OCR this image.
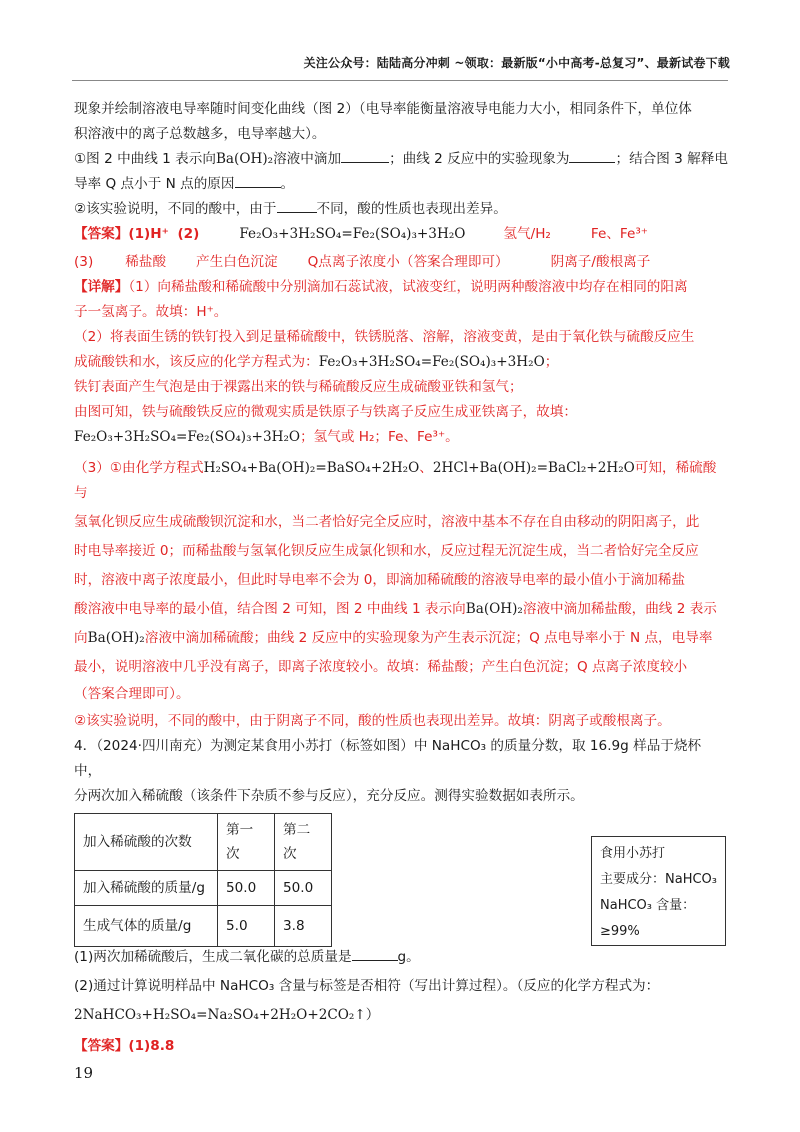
关注公众号：陆陆高分冲刺 ~领取：最新版“小中高考-总复习”、最新试卷下载

现象并绘制溶液电导率随时间变化曲线（图 2）（电导率能衡量溶液导电能力大小，相同条件下，单位体

积溶液中的离子总数越多，电导率越大）。

①图 2 中曲线 1 表示向Ba(OH)₂溶液中滴加	；曲线 2 反应中的实验现象为	；结合图 3 解释电

导率 Q 点小于 N 点的原因	。

②该实验说明，不同的酸中，由于	不同，酸的性质也表现出差异。

【答案】(1)H⁺ (2)	Fe₂O₃+3H₂SO₄=Fe₂(SO₄)₃+3H₂O	氢气/H₂	Fe、Fe³⁺

(3) 稀盐酸 产生白色沉淀 Q点离子浓度小（答案合理即可）	阴离子/酸根离子

【详解】（1）向稀盐酸和稀硫酸中分别滴加石蕊试液，试液变红，说明两种酸溶液中均存在相同的阳离

子一氢离子。故填：H⁺。

（2）将表面生锈的铁钉投入到足量稀硫酸中，铁锈脱落、溶解，溶液变黄，是由于氧化铁与硫酸反应生

成硫酸铁和水，该反应的化学方程式为：Fe₂O₃+3H₂SO₄=Fe₂(SO₄)₃+3H₂O；

铁钉表面产生气泡是由于裸露出来的铁与稀硫酸反应生成硫酸亚铁和氢气；

由图可知，铁与硫酸铁反应的微观实质是铁原子与铁离子反应生成亚铁离子，故填：

Fe₂O₃+3H₂SO₄=Fe₂(SO₄)₃+3H₂O；氢气或 H₂；Fe、Fe³⁺。

（3）①由化学方程式H₂SO₄+Ba(OH)₂=BaSO₄+2H₂O、2HCl+Ba(OH)₂=BaCl₂+2H₂O可知，稀硫酸与

氢氧化钡反应生成硫酸钡沉淀和水，当二者恰好完全反应时，溶液中基本不存在自由移动的阴阳离子，此

时电导率接近 0；而稀盐酸与氢氧化钡反应生成氯化钡和水，反应过程无沉淀生成，当二者恰好完全反应

时，溶液中离子浓度最小，但此时导电率不会为 0，即滴加稀硫酸的溶液导电率的最小值小于滴加稀盐

酸溶液中电导率的最小值，结合图 2 可知，图 2 中曲线 1 表示向Ba(OH)₂溶液中滴加稀盐酸，曲线 2 表示

向Ba(OH)₂溶液中滴加稀硫酸；曲线 2 反应中的实验现象为产生表示沉淀；Q 点电导率小于 N 点，电导率

最小，说明溶液中几乎没有离子，即离子浓度较小。故填：稀盐酸；产生白色沉淀；Q 点离子浓度较小

（答案合理即可）。

②该实验说明，不同的酸中，由于阴离子不同，酸的性质也表现出差异。故填：阴离子或酸根离子。

4．（2024·四川南充）为测定某食用小苏打（标签如图）中 NaHCO₃ 的质量分数，取 16.9g 样品于烧杯中，

分两次加入稀硫酸（该条件下杂质不参与反应），充分反应。测得实验数据如表所示。

加入稀硫酸的次数	第一次	第二次
加入稀硫酸的质量/g	50.0	50.0
生成气体的质量/g	5.0	3.8

(1)两次加稀硫酸后，生成二氧化碳的总质量是	g。

(2)通过计算说明样品中 NaHCO₃ 含量与标签是否相符（写出计算过程）。（反应的化学方程式为：

2NaHCO₃+H₂SO₄=Na₂SO₄+2H₂O+2CO₂↑）

【答案】(1)8.8

食用小苏打
主要成分：NaHCO₃
NaHCO₃ 含量：
≥99%
19
